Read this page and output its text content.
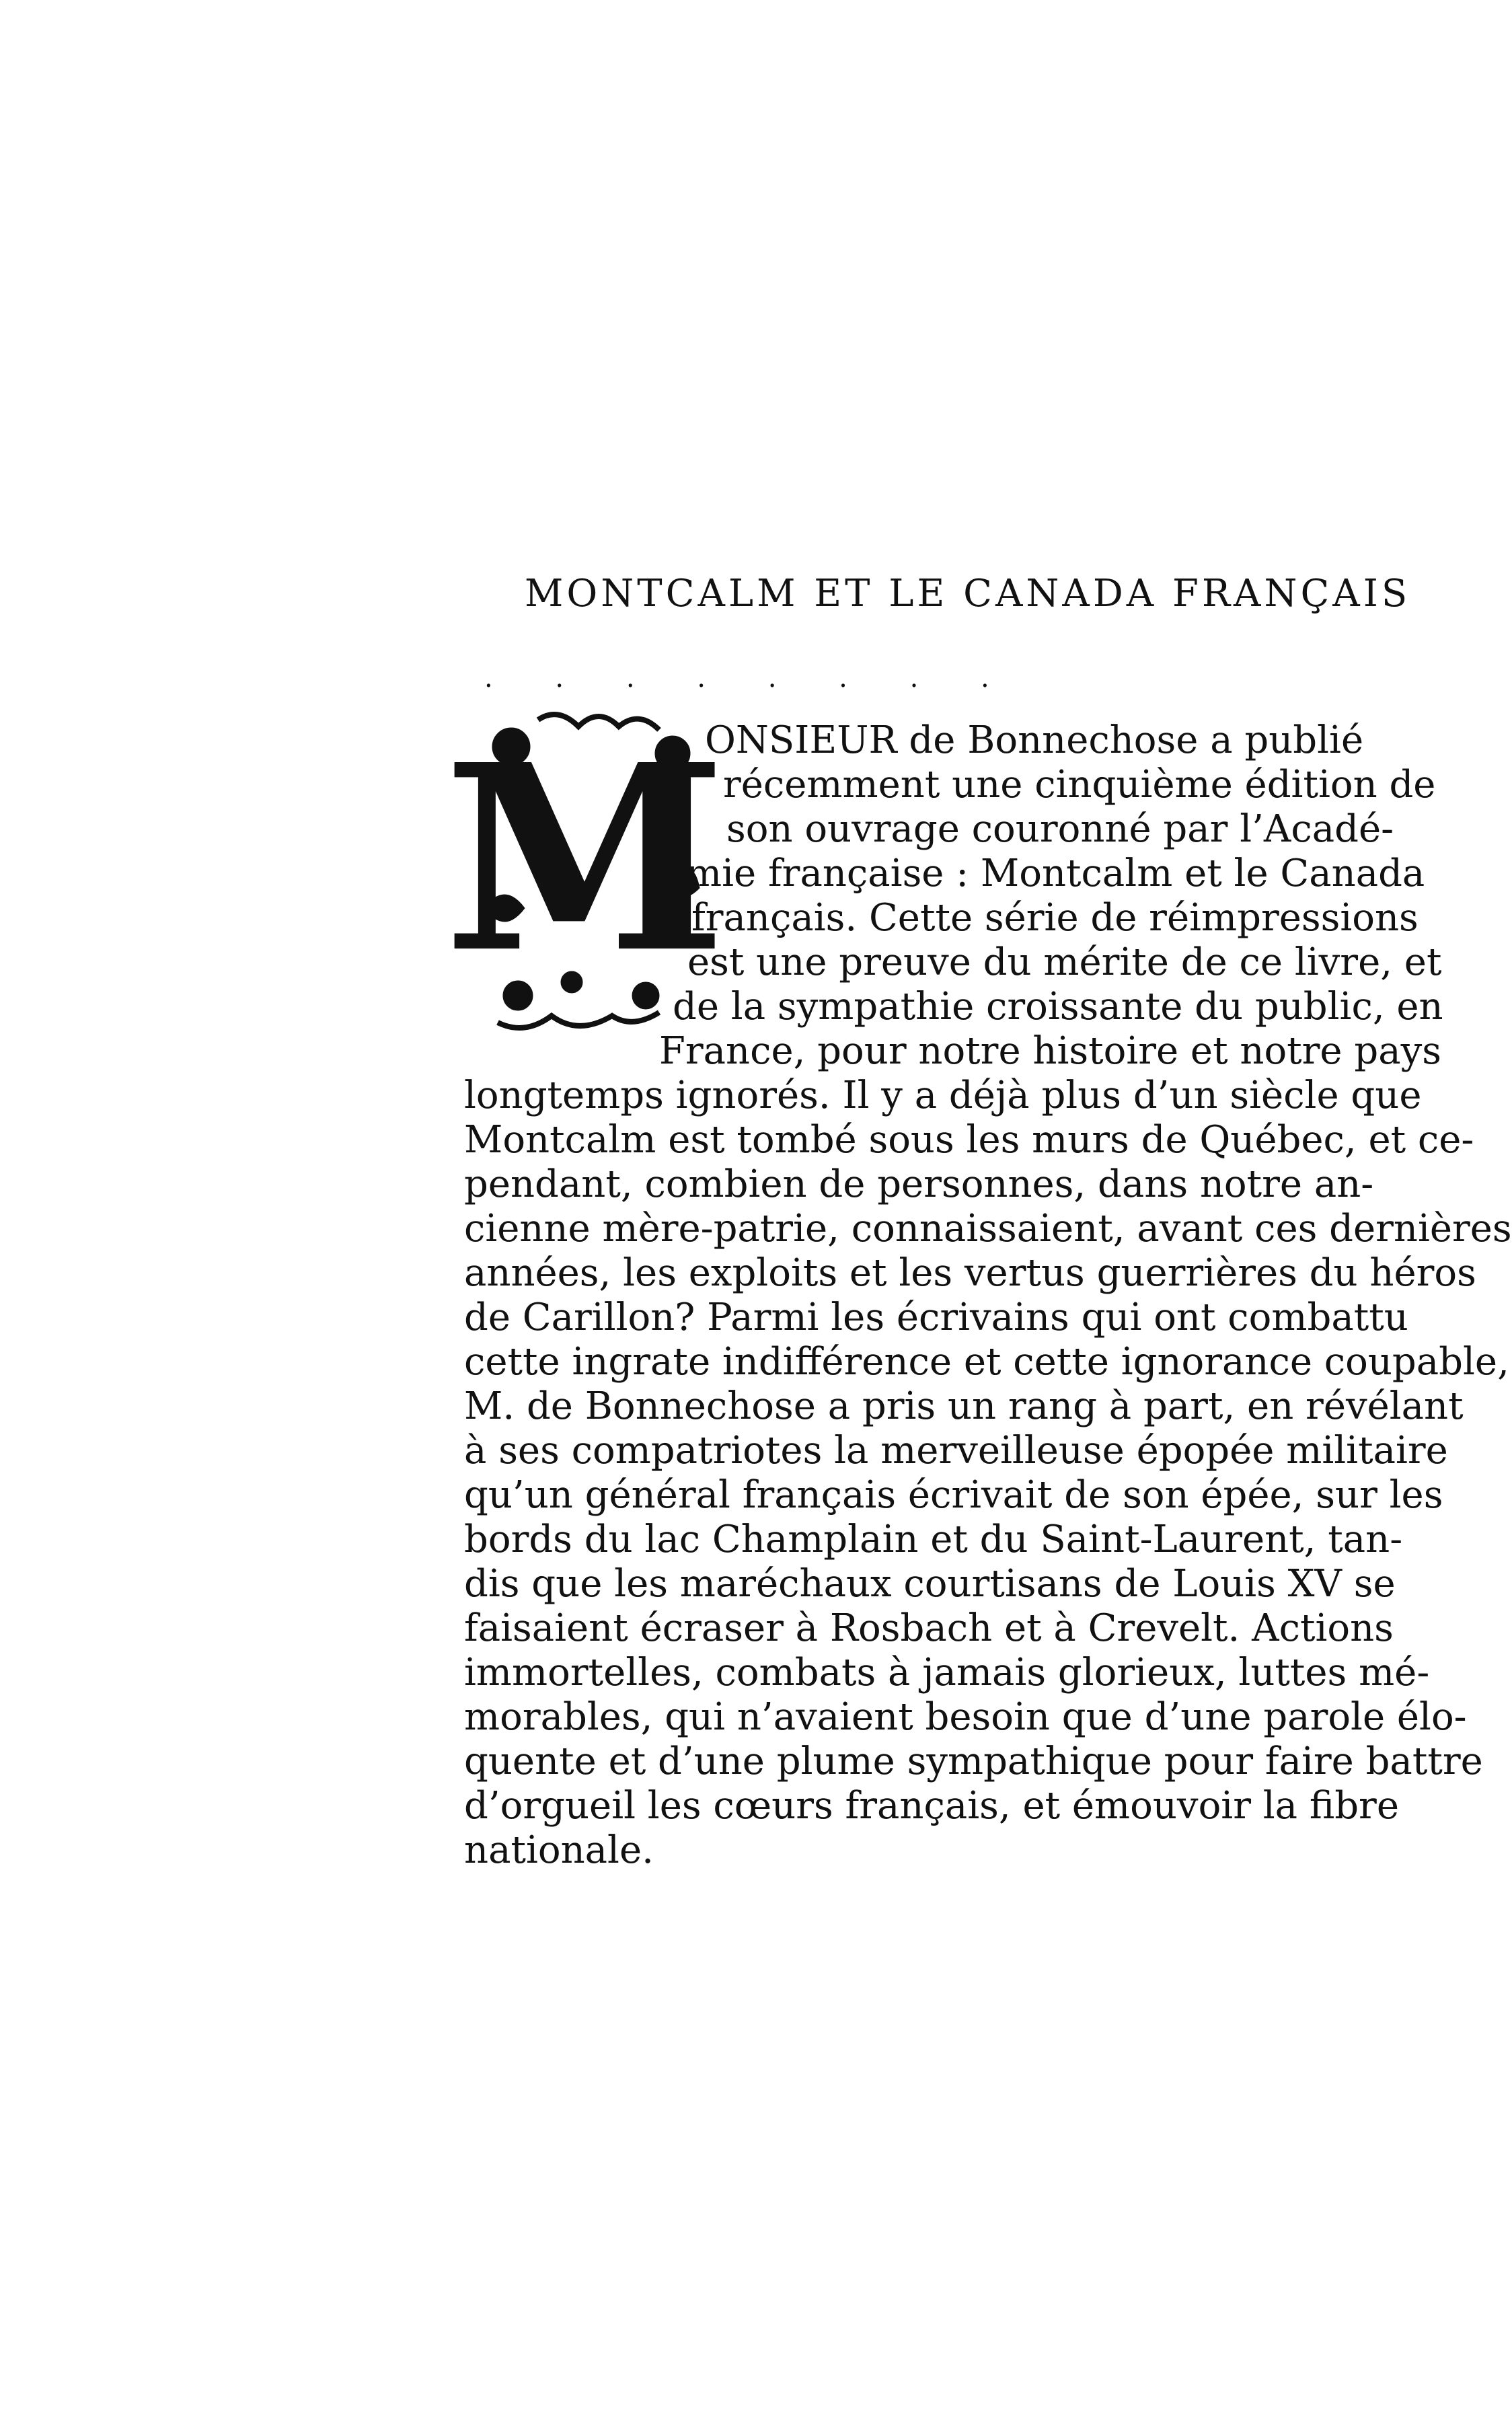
MONTCALM ET LE CANADA FRANÇAIS
. . . . . . . .
M
ONSIEUR de Bonnechose a publié
récemment une cinquième édition de
son ouvrage couronné par l’Acadé-
mie française : Montcalm et le Canada
français. Cette série de réimpressions
est une preuve du mérite de ce livre, et
de la sympathie croissante du public, en
France, pour notre histoire et notre pays
longtemps ignorés. Il y a déjà plus d’un siècle que
Montcalm est tombé sous les murs de Québec, et ce-
pendant, combien de personnes, dans notre an-
cienne mère-patrie, connaissaient, avant ces dernières
années, les exploits et les vertus guerrières du héros
de Carillon? Parmi les écrivains qui ont combattu
cette ingrate indifférence et cette ignorance coupable,
M. de Bonnechose a pris un rang à part, en révélant
à ses compatriotes la merveilleuse épopée militaire
qu’un général français écrivait de son épée, sur les
bords du lac Champlain et du Saint-Laurent, tan-
dis que les maréchaux courtisans de Louis XV se
faisaient écraser à Rosbach et à Crevelt. Actions
immortelles, combats à jamais glorieux, luttes mé-
morables, qui n’avaient besoin que d’une parole élo-
quente et d’une plume sympathique pour faire battre
d’orgueil les cœurs français, et émouvoir la fibre
nationale.
